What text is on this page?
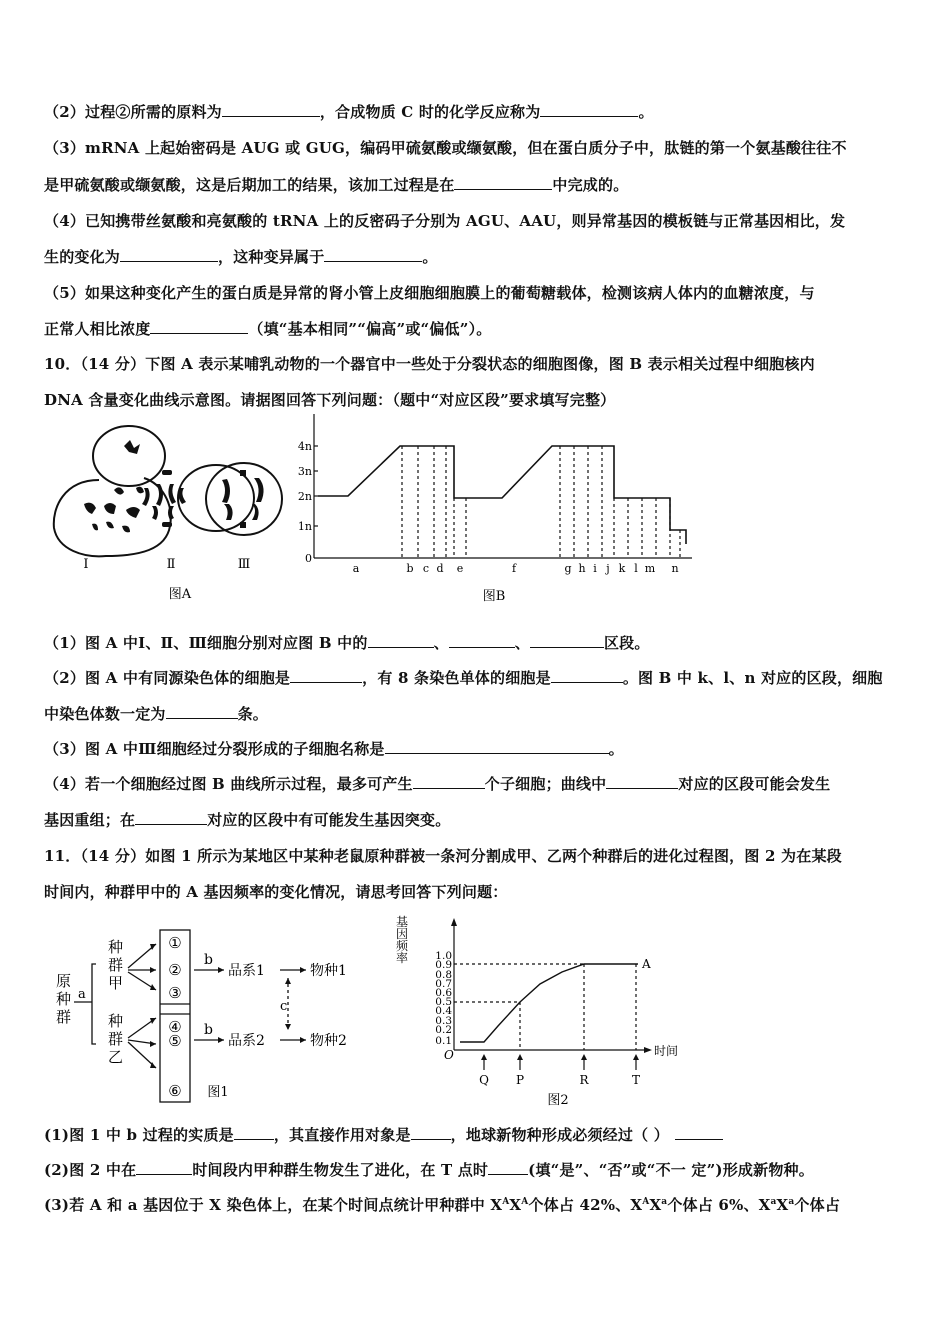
（2）过程②所需的原料为	，合成物质 C 时的化学反应称为	。
（3）mRNA 上起始密码是 AUG 或 GUG，编码甲硫氨酸或缬氨酸，但在蛋白质分子中，肽链的第一个氨基酸往往不
是甲硫氨酸或缬氨酸，这是后期加工的结果，该加工过程是在	中完成的。
（4）已知携带丝氨酸和亮氨酸的 tRNA 上的反密码子分别为 AGU、AAU，则异常基因的模板链与正常基因相比，发
生的变化为	，这种变异属于	。
（5）如果这种变化产生的蛋白质是异常的肾小管上皮细胞细胞膜上的葡萄糖载体，检测该病人体内的血糖浓度，与
正常人相比浓度	（填“基本相同”“偏高”或“偏低”）。
10．（14 分）下图 A 表示某哺乳动物的一个器官中一些处于分裂状态的细胞图像，图 B 表示相关过程中细胞核内
DNA 含量变化曲线示意图。请据图回答下列问题：（题中“对应区段”要求填写完整）
Ⅰ	Ⅱ	Ⅲ
图A
4n
3n
2n
1n
0
a	b c d e	f	g h i j k l m n
图B
（1）图 A 中Ⅰ、Ⅱ、Ⅲ细胞分别对应图 B 中的	、	、	区段。
（2）图 A 中有同源染色体的细胞是	，有 8 条染色单体的细胞是	。图 B 中 k、l、n 对应的区段，细胞
中染色体数一定为	条。
（3）图 A 中Ⅲ细胞经过分裂形成的子细胞名称是	。
（4）若一个细胞经过图 B 曲线所示过程，最多可产生	个子细胞；曲线中	对应的区段可能会发生
基因重组；在	对应的区段中有可能发生基因突变。
11．（14 分）如图 1 所示为某地区中某种老鼠原种群被一条河分割成甲、乙两个种群后的进化过程图，图 2 为在某段
时间内，种群甲中的 A 基因频率的变化情况，请思考回答下列问题：
原
种
群
a
种
群
甲
种
群
乙
①
②
③
④
⑤
⑥
b
b
品系1
品系2
物种1
物种2
c
图1
基
因
频
率	1.0
0.9
0.8
0.7
0.6
0.5
0.4
0.3
0.2
0.1
O	时间
A
Q P	R	T
图2
(1)图 1 中 b 过程的实质是	，其直接作用对象是	，地球新物种形成必须经过（ ）
(2)图 2 中在	时间段内甲种群生物发生了进化，在 T 点时	(填“是”、“否”或“不一 定”)形成新物种。
(3)若 A 和 a 基因位于 X 染色体上，在某个时间点统计甲种群中 $X^AX^A$个体占 42%、$X^AX^a$个体占 6%、$X^aX^a$个体占
